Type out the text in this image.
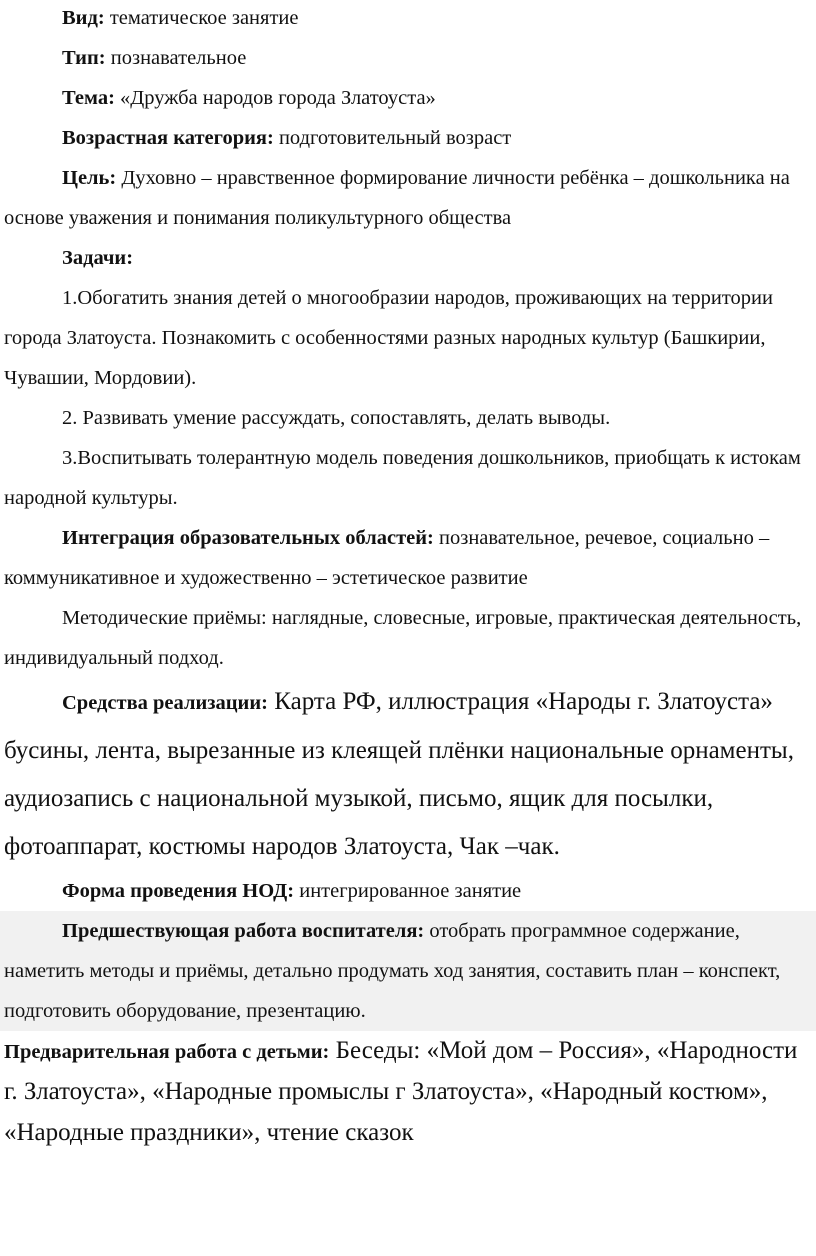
Вид: тематическое занятие

Тип: познавательное

Тема: «Дружба народов города Златоуста»

Возрастная категория: подготовительный возраст

Цель: Духовно – нравственное формирование личности ребёнка – дошкольника на основе уважения и понимания поликультурного общества

Задачи:

1.Обогатить знания детей о многообразии народов, проживающих на территории города Златоуста. Познакомить с особенностями разных народных культур (Башкирии, Чувашии, Мордовии).

2. Развивать умение рассуждать, сопоставлять, делать выводы.

3.Воспитывать толерантную модель поведения дошкольников, приобщать к истокам народной культуры.

Интеграция образовательных областей: познавательное, речевое, социально – коммуникативное и художественно – эстетическое развитие

Методические приёмы: наглядные, словесные, игровые, практическая деятельность, индивидуальный подход.

Средства реализации: Карта РФ, иллюстрация «Народы г. Златоуста» бусины, лента, вырезанные из клеящей плёнки национальные орнаменты, аудиозапись с национальной музыкой, письмо, ящик для посылки, фотоаппарат, костюмы народов Златоуста, Чак –чак.

Форма проведения НОД: интегрированное занятие

Предшествующая работа воспитателя: отобрать программное содержание, наметить методы и приёмы, детально продумать ход занятия, составить план – конспект, подготовить оборудование, презентацию.

Предварительная работа с детьми: Беседы: «Мой дом – Россия», «Народности г. Златоуста», «Народные промыслы г Златоуста», «Народный костюм», «Народные праздники», чтение сказок
